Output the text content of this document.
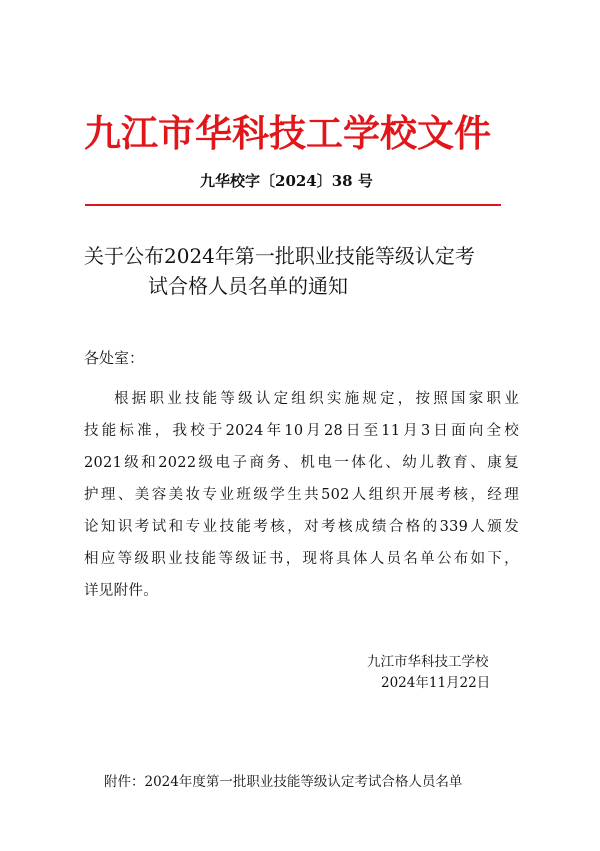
九江市华科技工学校文件
九华校字〔2024〕38 号
关于公布2024年第一批职业技能等级认定考
试合格人员名单的通知
各处室：
根据职业技能等级认定组织实施规定，按照国家职业
技能标准，我校于2024年10月28日至11月3日面向全校
2021级和2022级电子商务、机电一体化、幼儿教育、康复
护理、美容美妆专业班级学生共502人组织开展考核，经理
论知识考试和专业技能考核，对考核成绩合格的339人颁发
相应等级职业技能等级证书，现将具体人员名单公布如下，
详见附件。
九江市华科技工学校
2024年11月22日
附件：2024年度第一批职业技能等级认定考试合格人员名单
